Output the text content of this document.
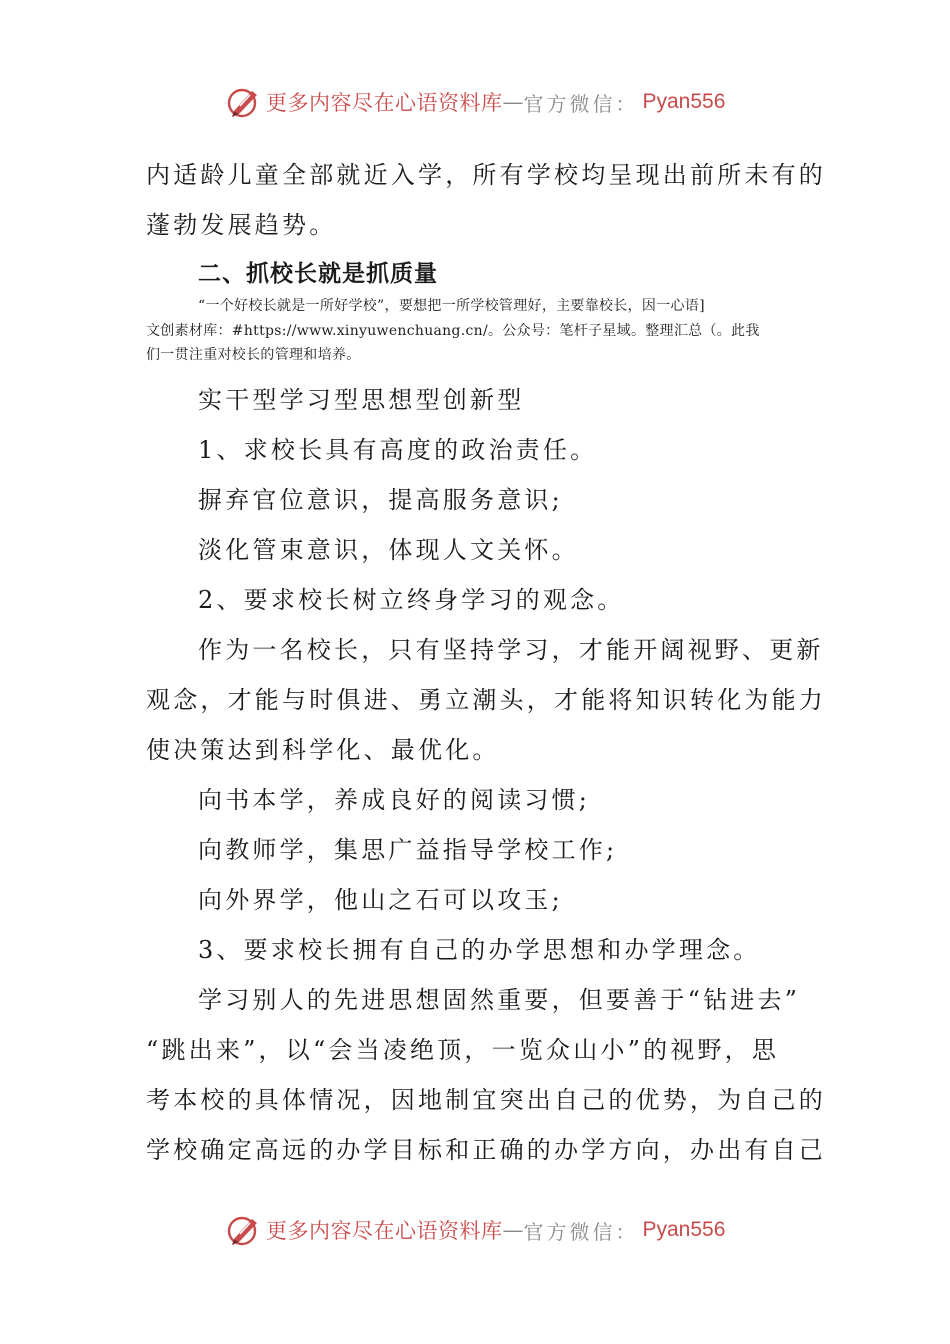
更多内容尽在心语资料库 — 官方微信： Pyan556
内适龄儿童全部就近入学，所有学校均呈现出前所未有的
蓬勃发展趋势。
二、抓校长就是抓质量
“一个好校长就是一所好学校”，要想把一所学校管理好，主要靠校长，因一心语]
文创素材库：#https://www.xinyuwenchuang.cn/。公众号：笔杆子星域。整理汇总（。此我
们一贯注重对校长的管理和培养。
实干型学习型思想型创新型
1、求校长具有高度的政治责任。
摒弃官位意识，提高服务意识;
淡化管束意识，体现人文关怀。
2、要求校长树立终身学习的观念。
作为一名校长，只有坚持学习，才能开阔视野、更新
观念，才能与时俱进、勇立潮头，才能将知识转化为能力
使决策达到科学化、最优化。
向书本学，养成良好的阅读习惯;
向教师学，集思广益指导学校工作;
向外界学，他山之石可以攻玉;
3、要求校长拥有自己的办学思想和办学理念。
学习别人的先进思想固然重要，但要善于“钻进去”
“跳出来”，以“会当凌绝顶，一览众山小”的视野，思
考本校的具体情况，因地制宜突出自己的优势，为自己的
学校确定高远的办学目标和正确的办学方向，办出有自己
更多内容尽在心语资料库 — 官方微信： Pyan556
